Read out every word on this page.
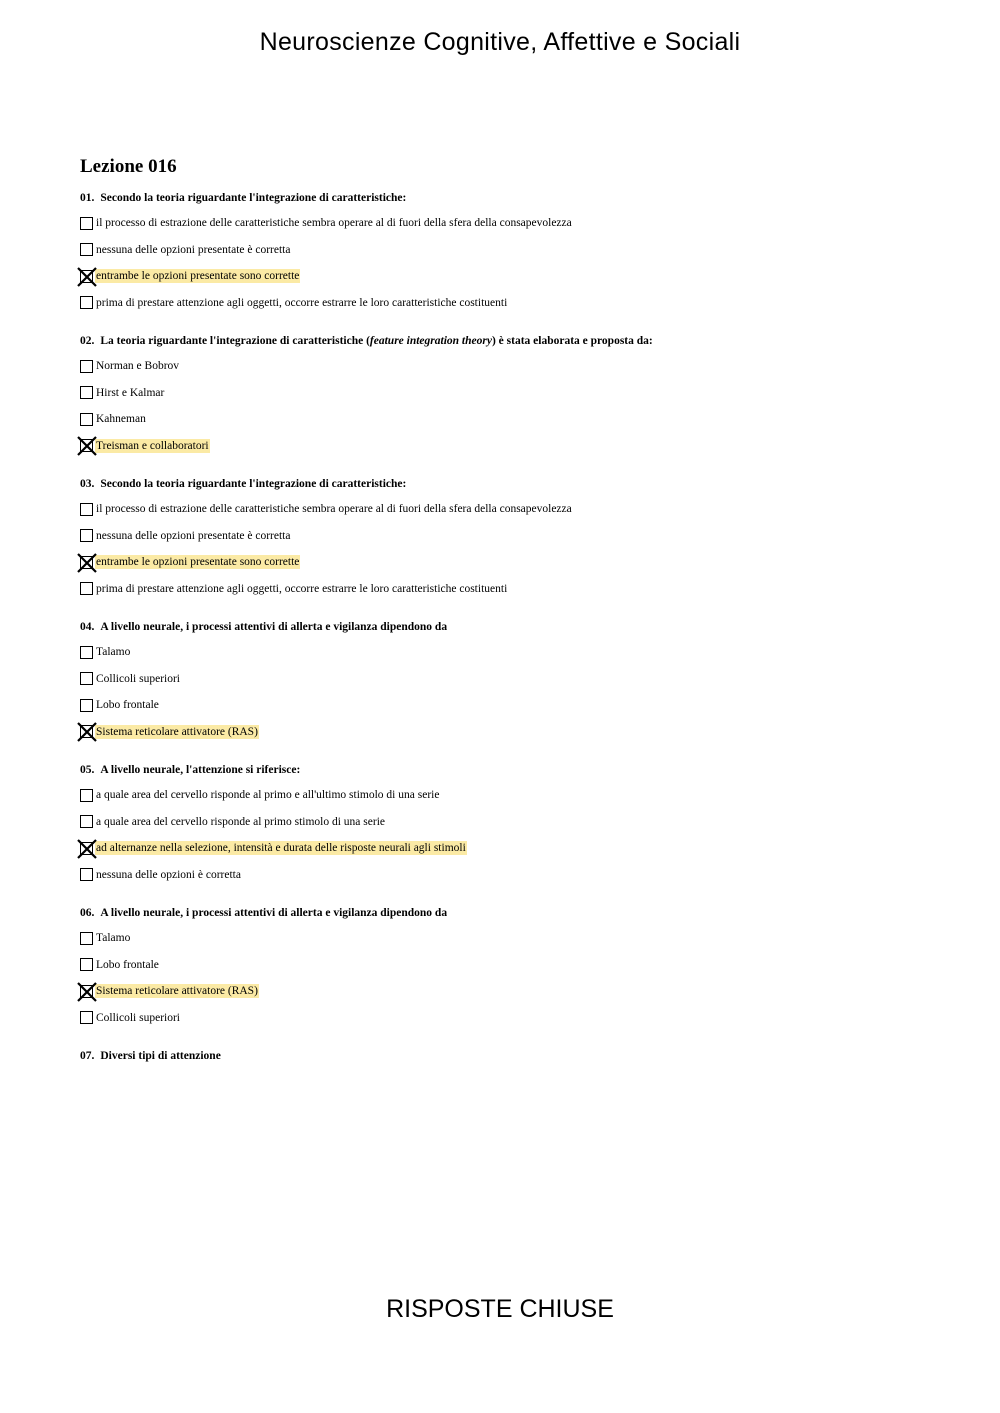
Neuroscienze Cognitive, Affettive e Sociali
Lezione 016
01. Secondo la teoria riguardante l'integrazione di caratteristiche:
il processo di estrazione delle caratteristiche sembra operare al di fuori della sfera della consapevolezza
nessuna delle opzioni presentate è corretta
entrambe le opzioni presentate sono corrette
prima di prestare attenzione agli oggetti, occorre estrarre le loro caratteristiche costituenti
02. La teoria riguardante l'integrazione di caratteristiche (feature integration theory) è stata elaborata e proposta da:
Norman e Bobrov
Hirst e Kalmar
Kahneman
Treisman e collaboratori
03. Secondo la teoria riguardante l'integrazione di caratteristiche:
il processo di estrazione delle caratteristiche sembra operare al di fuori della sfera della consapevolezza
nessuna delle opzioni presentate è corretta
entrambe le opzioni presentate sono corrette
prima di prestare attenzione agli oggetti, occorre estrarre le loro caratteristiche costituenti
04. A livello neurale, i processi attentivi di allerta e vigilanza dipendono da
Talamo
Collicoli superiori
Lobo frontale
Sistema reticolare attivatore (RAS)
05. A livello neurale, l'attenzione si riferisce:
a quale area del cervello risponde al primo e all'ultimo stimolo di una serie
a quale area del cervello risponde al primo stimolo di una serie
ad alternanze nella selezione, intensità e durata delle risposte neurali agli stimoli
nessuna delle opzioni è corretta
06. A livello neurale, i processi attentivi di allerta e vigilanza dipendono da
Talamo
Lobo frontale
Sistema reticolare attivatore (RAS)
Collicoli superiori
07. Diversi tipi di attenzione
RISPOSTE CHIUSE
